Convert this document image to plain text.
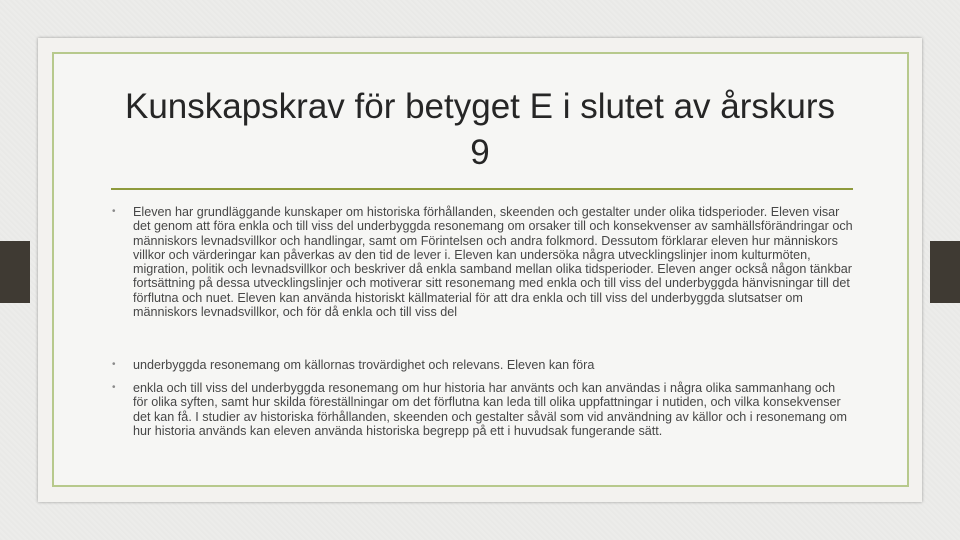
Kunskapskrav för betyget E i slutet av årskurs 9
• Eleven har grundläggande kunskaper om historiska förhållanden, skeenden och gestalter under olika tidsperioder. Eleven visar det genom att föra enkla och till viss del underbyggda resonemang om orsaker till och konsekvenser av samhällsförändringar och människors levnadsvillkor och handlingar, samt om Förintelsen och andra folkmord. Dessutom förklarar eleven hur människors villkor och värderingar kan påverkas av den tid de lever i. Eleven kan undersöka några utvecklingslinjer inom kulturmöten, migration, politik och levnadsvillkor och beskriver då enkla samband mellan olika tidsperioder. Eleven anger också någon tänkbar fortsättning på dessa utvecklingslinjer och motiverar sitt resonemang med enkla och till viss del underbyggda hänvisningar till det förflutna och nuet. Eleven kan använda historiskt källmaterial för att dra enkla och till viss del underbyggda slutsatser om människors levnadsvillkor, och för då enkla och till viss del
• underbyggda resonemang om källornas trovärdighet och relevans. Eleven kan föra
• enkla och till viss del underbyggda resonemang om hur historia har använts och kan användas i några olika sammanhang och för olika syften, samt hur skilda föreställningar om det förflutna kan leda till olika uppfattningar i nutiden, och vilka konsekvenser det kan få. I studier av historiska förhållanden, skeenden och gestalter såväl som vid användning av källor och i resonemang om hur historia används kan eleven använda historiska begrepp på ett i huvudsak fungerande sätt.
